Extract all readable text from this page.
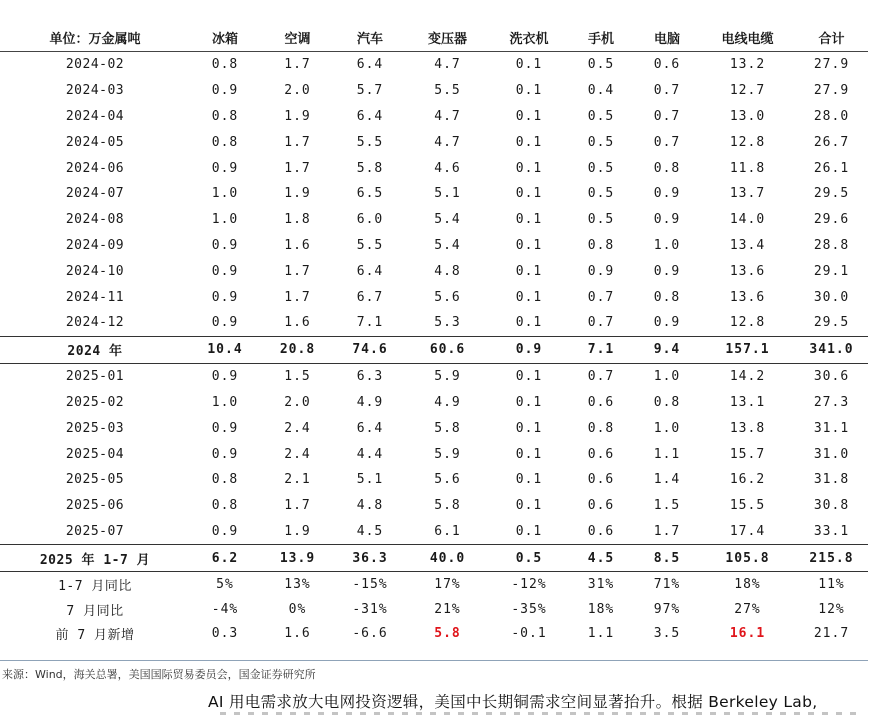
单位：万金属吨	冰箱	空调	汽车	变压器	洗衣机	手机	电脑	电线电缆	合计
2024-02	0.8	1.7	6.4	4.7	0.1	0.5	0.6	13.2	27.9
2024-03	0.9	2.0	5.7	5.5	0.1	0.4	0.7	12.7	27.9
2024-04	0.8	1.9	6.4	4.7	0.1	0.5	0.7	13.0	28.0
2024-05	0.8	1.7	5.5	4.7	0.1	0.5	0.7	12.8	26.7
2024-06	0.9	1.7	5.8	4.6	0.1	0.5	0.8	11.8	26.1
2024-07	1.0	1.9	6.5	5.1	0.1	0.5	0.9	13.7	29.5
2024-08	1.0	1.8	6.0	5.4	0.1	0.5	0.9	14.0	29.6
2024-09	0.9	1.6	5.5	5.4	0.1	0.8	1.0	13.4	28.8
2024-10	0.9	1.7	6.4	4.8	0.1	0.9	0.9	13.6	29.1
2024-11	0.9	1.7	6.7	5.6	0.1	0.7	0.8	13.6	30.0
2024-12	0.9	1.6	7.1	5.3	0.1	0.7	0.9	12.8	29.5
2024 年	10.4	20.8	74.6	60.6	0.9	7.1	9.4	157.1	341.0
2025-01	0.9	1.5	6.3	5.9	0.1	0.7	1.0	14.2	30.6
2025-02	1.0	2.0	4.9	4.9	0.1	0.6	0.8	13.1	27.3
2025-03	0.9	2.4	6.4	5.8	0.1	0.8	1.0	13.8	31.1
2025-04	0.9	2.4	4.4	5.9	0.1	0.6	1.1	15.7	31.0
2025-05	0.8	2.1	5.1	5.6	0.1	0.6	1.4	16.2	31.8
2025-06	0.8	1.7	4.8	5.8	0.1	0.6	1.5	15.5	30.8
2025-07	0.9	1.9	4.5	6.1	0.1	0.6	1.7	17.4	33.1
2025 年 1-7 月	6.2	13.9	36.3	40.0	0.5	4.5	8.5	105.8	215.8
1-7 月同比	5%	13%	-15%	17%	-12%	31%	71%	18%	11%
7 月同比	-4%	0%	-31%	21%	-35%	18%	97%	27%	12%
前 7 月新增	0.3	1.6	-6.6	5.8	-0.1	1.1	3.5	16.1	21.7
来源：Wind，海关总署，美国国际贸易委员会，国金证券研究所
AI 用电需求放大电网投资逻辑，美国中长期铜需求空间显著抬升。根据 Berkeley Lab,
